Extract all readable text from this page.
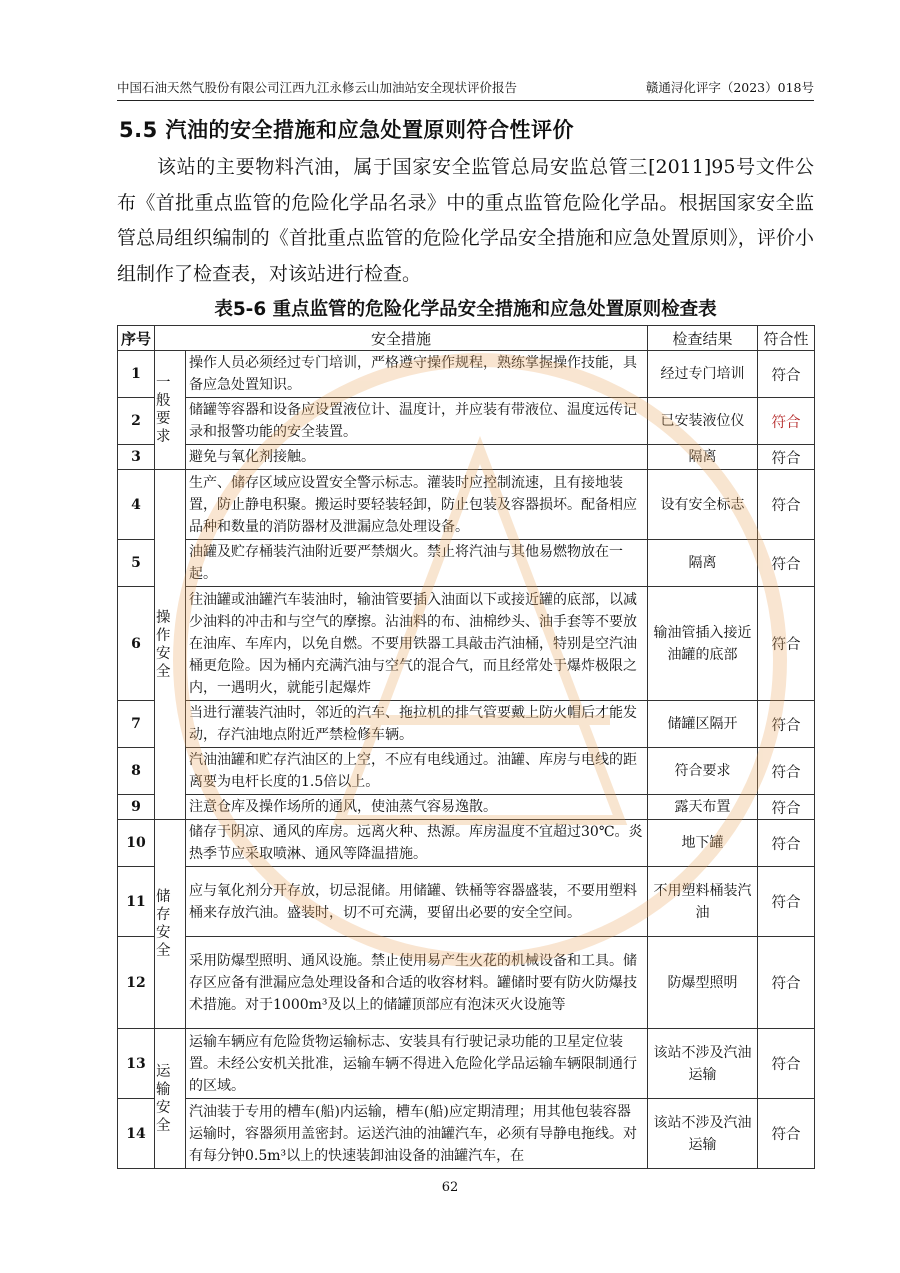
中国石油天然气股份有限公司江西九江永修云山加油站安全现状评价报告	赣通浔化评字（2023）018号
5.5 汽油的安全措施和应急处置原则符合性评价
该站的主要物料汽油，属于国家安全监管总局安监总管三[2011]95号文件公布《首批重点监管的危险化学品名录》中的重点监管危险化学品。根据国家安全监管总局组织编制的《首批重点监管的危险化学品安全措施和应急处置原则》，评价小组制作了检查表，对该站进行检查。
表5-6 重点监管的危险化学品安全措施和应急处置原则检查表
序号	安全措施		检查结果	符合性
1	一般要求	操作人员必须经过专门培训，严格遵守操作规程，熟练掌握操作技能，具备应急处置知识。	经过专门培训	符合
2		储罐等容器和设备应设置液位计、温度计，并应装有带液位、温度远传记录和报警功能的安全装置。	已安装液位仪	符合
3		避免与氧化剂接触。	隔离	符合
4	操作安全	生产、储存区域应设置安全警示标志。灌装时应控制流速，且有接地装置，防止静电积聚。搬运时要轻装轻卸，防止包装及容器损坏。配备相应品种和数量的消防器材及泄漏应急处理设备。	设有安全标志	符合
5		油罐及贮存桶装汽油附近要严禁烟火。禁止将汽油与其他易燃物放在一起。	隔离	符合
6		往油罐或油罐汽车装油时，输油管要插入油面以下或接近罐的底部，以减少油料的冲击和与空气的摩擦。沾油料的布、油棉纱头、油手套等不要放在油库、车库内，以免自燃。不要用铁器工具敲击汽油桶，特别是空汽油桶更危险。因为桶内充满汽油与空气的混合气，而且经常处于爆炸极限之内，一遇明火，就能引起爆炸	输油管插入接近油罐的底部	符合
7		当进行灌装汽油时，邻近的汽车、拖拉机的排气管要戴上防火帽后才能发动，存汽油地点附近严禁检修车辆。	储罐区隔开	符合
8		汽油油罐和贮存汽油区的上空，不应有电线通过。油罐、库房与电线的距离要为电杆长度的1.5倍以上。	符合要求	符合
9		注意仓库及操作场所的通风，使油蒸气容易逸散。	露天布置	符合
10	储存安全	储存于阴凉、通风的库房。远离火种、热源。库房温度不宜超过30℃。炎热季节应采取喷淋、通风等降温措施。	地下罐	符合
11		应与氧化剂分开存放，切忌混储。用储罐、铁桶等容器盛装，不要用塑料桶来存放汽油。盛装时，切不可充满，要留出必要的安全空间。	不用塑料桶装汽油	符合
12		采用防爆型照明、通风设施。禁止使用易产生火花的机械设备和工具。储存区应备有泄漏应急处理设备和合适的收容材料。罐储时要有防火防爆技术措施。对于1000m³及以上的储罐顶部应有泡沫灭火设施等	防爆型照明	符合
13	运输安全	运输车辆应有危险货物运输标志、安装具有行驶记录功能的卫星定位装置。未经公安机关批准，运输车辆不得进入危险化学品运输车辆限制通行的区域。	该站不涉及汽油运输	符合
14		汽油装于专用的槽车(船)内运输，槽车(船)应定期清理；用其他包装容器运输时，容器须用盖密封。运送汽油的油罐汽车，必须有导静电拖线。对有每分钟0.5m³以上的快速装卸油设备的油罐汽车，在	该站不涉及汽油运输	符合
62
